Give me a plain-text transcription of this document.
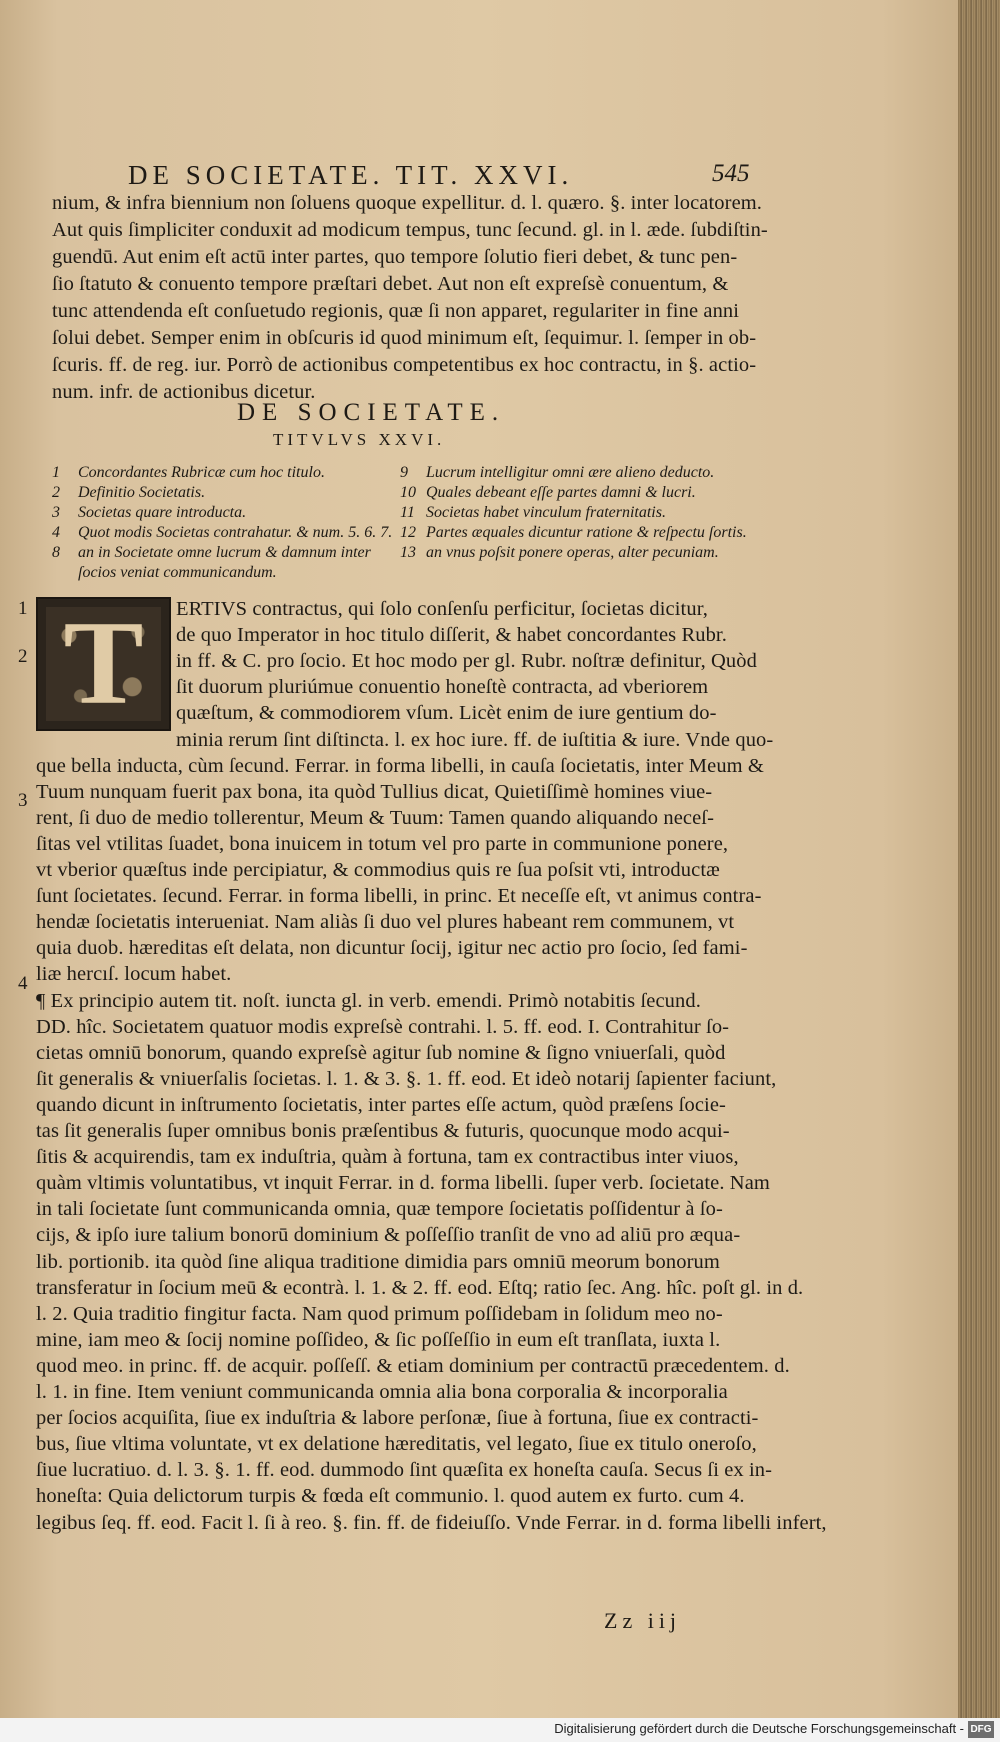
DE SOCIETATE. TIT. XXVI.	545
nium, & infra biennium non ſoluens quoque expellitur. d. l. quæro. §. inter locatorem.
Aut quis ſimpliciter conduxit ad modicum tempus, tunc ſecund. gl. in l. æde. ſubdiſtin-
guendū. Aut enim eſt actū inter partes, quo tempore ſolutio fieri debet, & tunc pen-
ſio ſtatuto & conuento tempore præſtari debet. Aut non eſt expreſsè conuentum, &
tunc attendenda eſt conſuetudo regionis, quæ ſi non apparet, regulariter in fine anni
ſolui debet. Semper enim in obſcuris id quod minimum eſt, ſequimur. l. ſemper in ob-
ſcuris. ff. de reg. iur. Porrò de actionibus competentibus ex hoc contractu, in §. actio-
num. infr. de actionibus dicetur.
DE SOCIETATE.
TITVLVS XXVI.
1 Concordantes Rubricæ cum hoc titulo.
2 Definitio Societatis.
3 Societas quare introducta.
4 Quot modis Societas contrahatur. & num. 5. 6. 7.
8 an in Societate omne lucrum & damnum inter
ſocios veniat communicandum.
9 Lucrum intelligitur omni ære alieno deducto.
10 Quales debeant eſſe partes damni & lucri.
11 Societas habet vinculum fraternitatis.
12 Partes æquales dicuntur ratione & reſpectu ſortis.
13 an vnus poſsit ponere operas, alter pecuniam.
T	ERTIVS contractus, qui ſolo conſenſu perficitur, ſocietas dicitur,
de quo Imperator in hoc titulo diſſerit, & habet concordantes Rubr.
in ff. & C. pro ſocio. Et hoc modo per gl. Rubr. noſtræ definitur, Quòd
ſit duorum pluriúmue conuentio honeſtè contracta, ad vberiorem
quæſtum, & commodiorem vſum. Licèt enim de iure gentium do-
minia rerum ſint diſtincta. l. ex hoc iure. ff. de iuſtitia & iure. Vnde quo-
que bella inducta, cùm ſecund. Ferrar. in forma libelli, in cauſa ſocietatis, inter Meum &
Tuum nunquam fuerit pax bona, ita quòd Tullius dicat, Quietiſſimè homines viue-
rent, ſi duo de medio tollerentur, Meum & Tuum: Tamen quando aliquando neceſ-
ſitas vel vtilitas ſuadet, bona inuicem in totum vel pro parte in communione ponere,
vt vberior quæſtus inde percipiatur, & commodius quis re ſua poſsit vti, introductæ
ſunt ſocietates. ſecund. Ferrar. in forma libelli, in princ. Et neceſſe eſt, vt animus contra-
hendæ ſocietatis interueniat. Nam aliàs ſi duo vel plures habeant rem communem, vt
quia duob. hæreditas eſt delata, non dicuntur ſocij, igitur nec actio pro ſocio, ſed fami-
liæ hercıſ. locum habet.
¶ Ex principio autem tit. noſt. iuncta gl. in verb. emendi. Primò notabitis ſecund.
DD. hîc. Societatem quatuor modis expreſsè contrahi. l. 5. ff. eod. I. Contrahitur ſo-
cietas omniū bonorum, quando expreſsè agitur ſub nomine & ſigno vniuerſali, quòd
ſit generalis & vniuerſalis ſocietas. l. 1. & 3. §. 1. ff. eod. Et ideò notarij ſapienter faciunt,
quando dicunt in inſtrumento ſocietatis, inter partes eſſe actum, quòd præſens ſocie-
tas ſit generalis ſuper omnibus bonis præſentibus & futuris, quocunque modo acqui-
ſitis & acquirendis, tam ex induſtria, quàm à fortuna, tam ex contractibus inter viuos,
quàm vltimis voluntatibus, vt inquit Ferrar. in d. forma libelli. ſuper verb. ſocietate. Nam
in tali ſocietate ſunt communicanda omnia, quæ tempore ſocietatis poſſidentur à ſo-
cijs, & ipſo iure talium bonorū dominium & poſſeſſio tranſit de vno ad aliū pro æqua-
lib. portionib. ita quòd ſine aliqua traditione dimidia pars omniū meorum bonorum
transferatur in ſocium meū & econtrà. l. 1. & 2. ff. eod. Eſtq; ratio ſec. Ang. hîc. poſt gl. in d.
l. 2. Quia traditio fingitur facta. Nam quod primum poſſidebam in ſolidum meo no-
mine, iam meo & ſocij nomine poſſideo, & ſic poſſeſſio in eum eſt tranſlata, iuxta l.
quod meo. in princ. ff. de acquir. poſſeſſ. & etiam dominium per contractū præcedentem. d.
l. 1. in fine. Item veniunt communicanda omnia alia bona corporalia & incorporalia
per ſocios acquiſita, ſiue ex induſtria & labore perſonæ, ſiue à fortuna, ſiue ex contracti-
bus, ſiue vltima voluntate, vt ex delatione hæreditatis, vel legato, ſiue ex titulo oneroſo,
ſiue lucratiuo. d. l. 3. §. 1. ff. eod. dummodo ſint quæſita ex honeſta cauſa. Secus ſi ex in-
honeſta: Quia delictorum turpis & fœda eſt communio. l. quod autem ex furto. cum 4.
legibus ſeq. ff. eod. Facit l. ſi à reo. §. fin. ff. de fideiuſſo. Vnde Ferrar. in d. forma libelli infert,
1
2
3
4
Zz iij
Digitalisierung gefördert durch die Deutsche Forschungsgemeinschaft - DFG
